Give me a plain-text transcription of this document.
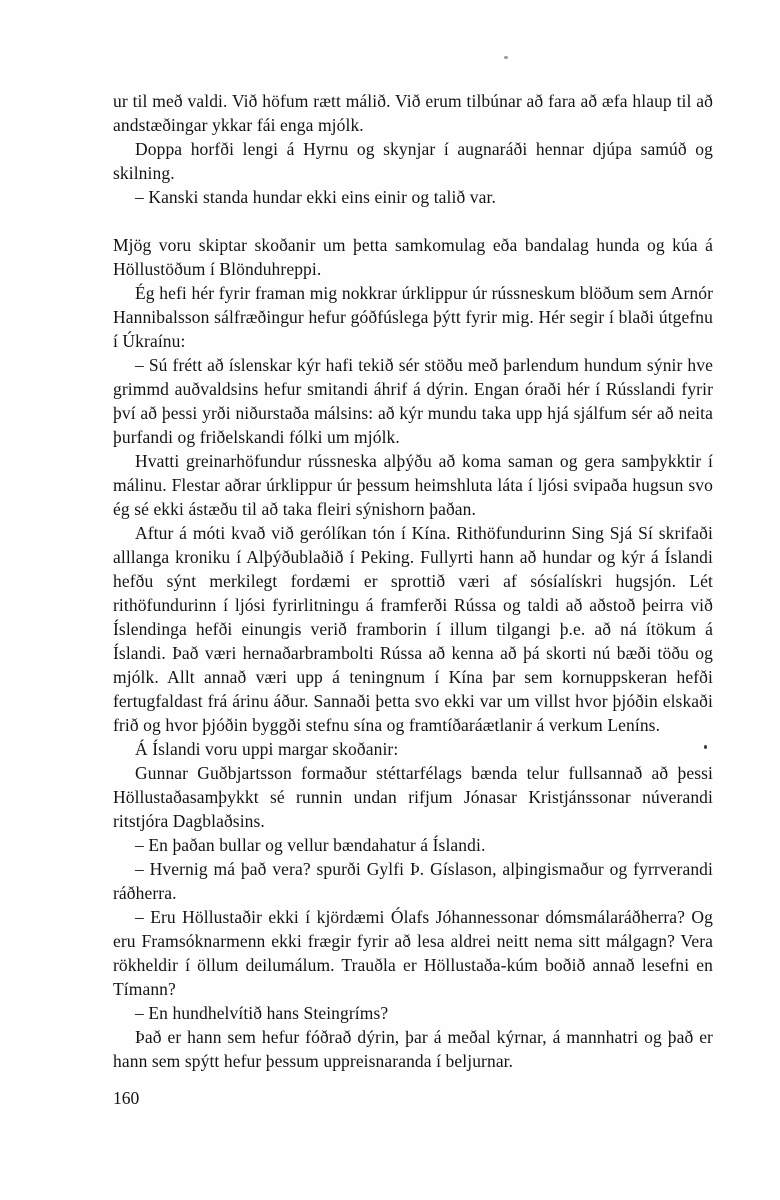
ur til með valdi. Við höfum rætt málið. Við erum tilbúnar að fara að æfa hlaup til að andstæðingar ykkar fái enga mjólk.

Doppa horfði lengi á Hyrnu og skynjar í augnaráði hennar djúpa samúð og skilning.

– Kanski standa hundar ekki eins einir og talið var.

Mjög voru skiptar skoðanir um þetta samkomulag eða bandalag hunda og kúa á Höllustöðum í Blönduhreppi.

Ég hefi hér fyrir framan mig nokkrar úrklippur úr rússneskum blöðum sem Arnór Hannibalsson sálfræðingur hefur góðfúslega þýtt fyrir mig. Hér segir í blaði útgefnu í Úkraínu:

– Sú frétt að íslenskar kýr hafi tekið sér stöðu með þarlendum hundum sýnir hve grimmd auðvaldsins hefur smitandi áhrif á dýrin. Engan óraði hér í Rússlandi fyrir því að þessi yrði niðurstaða málsins: að kýr mundu taka upp hjá sjálfum sér að neita þurfandi og friðelskandi fólki um mjólk.

Hvatti greinarhöfundur rússneska alþýðu að koma saman og gera samþykktir í málinu. Flestar aðrar úrklippur úr þessum heimshluta láta í ljósi svipaða hugsun svo ég sé ekki ástæðu til að taka fleiri sýnishorn þaðan.

Aftur á móti kvað við gerólíkan tón í Kína. Rithöfundurinn Sing Sjá Sí skrifaði alllanga kroniku í Alþýðublaðið í Peking. Fullyrti hann að hundar og kýr á Íslandi hefðu sýnt merkilegt fordæmi er sprottið væri af sósíalískri hugsjón. Lét rithöfundurinn í ljósi fyrirlitningu á framferði Rússa og taldi að aðstoð þeirra við Íslendinga hefði einungis verið framborin í illum tilgangi þ.e. að ná ítökum á Íslandi. Það væri hernaðarbrambolti Rússa að kenna að þá skorti nú bæði töðu og mjólk. Allt annað væri upp á teningnum í Kína þar sem kornuppskeran hefði fertugfaldast frá árinu áður. Sannaði þetta svo ekki var um villst hvor þjóðin elskaði frið og hvor þjóðin byggði stefnu sína og framtíðaráætlanir á verkum Leníns.

Á Íslandi voru uppi margar skoðanir:

Gunnar Guðbjartsson formaður stéttarfélags bænda telur fullsannað að þessi Höllustaðasamþykkt sé runnin undan rifjum Jónasar Kristjánssonar núverandi ritstjóra Dagblaðsins.

– En þaðan bullar og vellur bændahatur á Íslandi.

– Hvernig má það vera? spurði Gylfi Þ. Gíslason, alþingismaður og fyrrverandi ráðherra.

– Eru Höllustaðir ekki í kjördæmi Ólafs Jóhannessonar dómsmálaráðherra? Og eru Framsóknarmenn ekki frægir fyrir að lesa aldrei neitt nema sitt málgagn? Vera rökheldir í öllum deilumálum. Trauðla er Höllustaða-kúm boðið annað lesefni en Tímann?

– En hundhelvítið hans Steingríms?

Það er hann sem hefur fóðrað dýrin, þar á meðal kýrnar, á mannhatri og það er hann sem spýtt hefur þessum uppreisnaranda í beljurnar.

160
